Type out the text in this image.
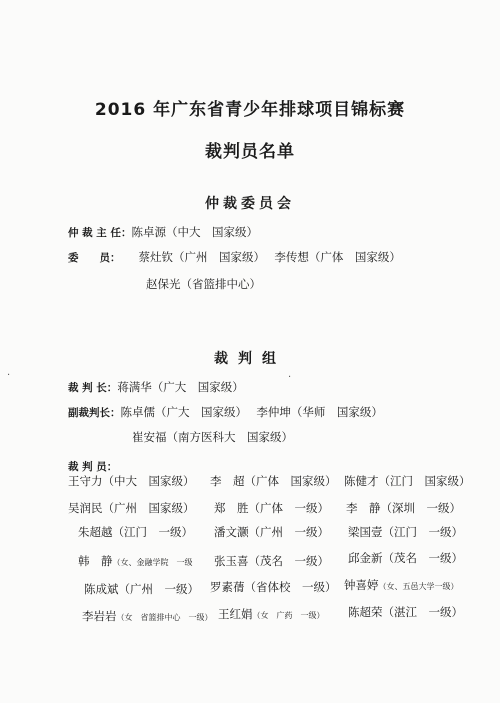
2016 年广东省青少年排球项目锦标赛
裁判员名单
仲裁委员会
仲 裁 主 任：陈卓源（中大　国家级）
委　　员： 蔡灶钦（广州　国家级）　 李传想（广体　国家级）
赵保光（省篮排中心）
裁判组
裁 判 长：蒋满华（广大　国家级）
副裁判长：陈卓儒（广大　国家级）　 李仲坤（华师　国家级）
崔安福（南方医科大　国家级）
裁 判 员：
王守力（中大　国家级） 李　超（广体　国家级） 陈健才（江门　国家级）
吴润民（广州　国家级） 郑　胜（广体　一级） 李　静（深圳　一级）
朱超越（江门　一级） 潘文灏（广州　一级） 梁国壹（江门　一级）
韩　静（女、金融学院　一级 张玉喜（茂名　一级） 邱金新（茂名　一级）
陈成斌（广州　一级） 罗素蒨（省体校　一级） 钟喜婷（女、五邑大学一级）
李岩岩（女　省篮排中心　一级） 王红娟（女　广药　一级） 陈超荣（湛江　一级）
·	·
